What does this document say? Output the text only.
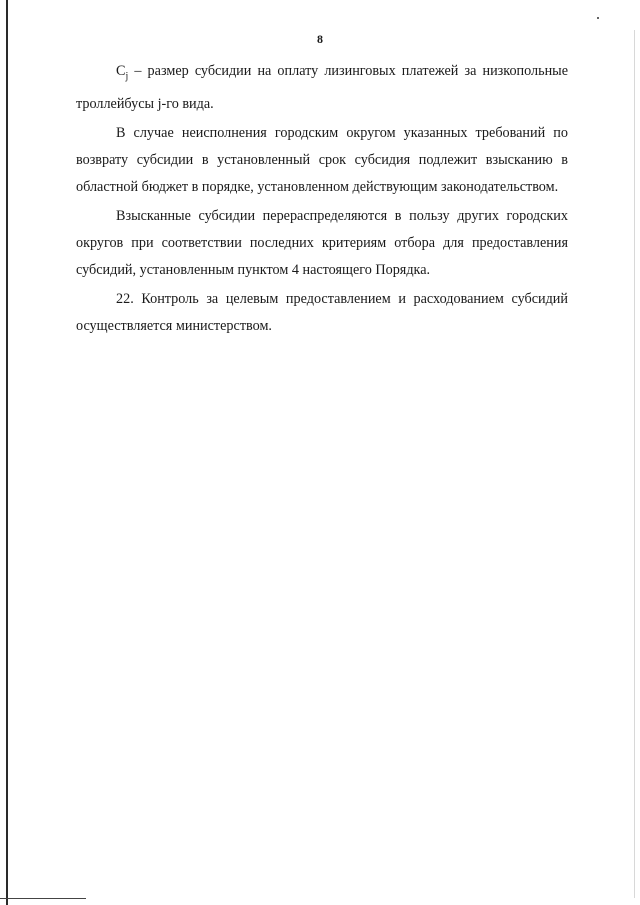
8

$C_j$ – размер субсидии на оплату лизинговых платежей за низкопольные троллейбусы j-го вида.

В случае неисполнения городским округом указанных требований по возврату субсидии в установленный срок субсидия подлежит взысканию в областной бюджет в порядке, установленном действующим законодательством.

Взысканные субсидии перераспределяются в пользу других городских округов при соответствии последних критериям отбора для предоставления субсидий, установленным пунктом 4 настоящего Порядка.

22. Контроль за целевым предоставлением и расходованием субсидий осуществляется министерством.
